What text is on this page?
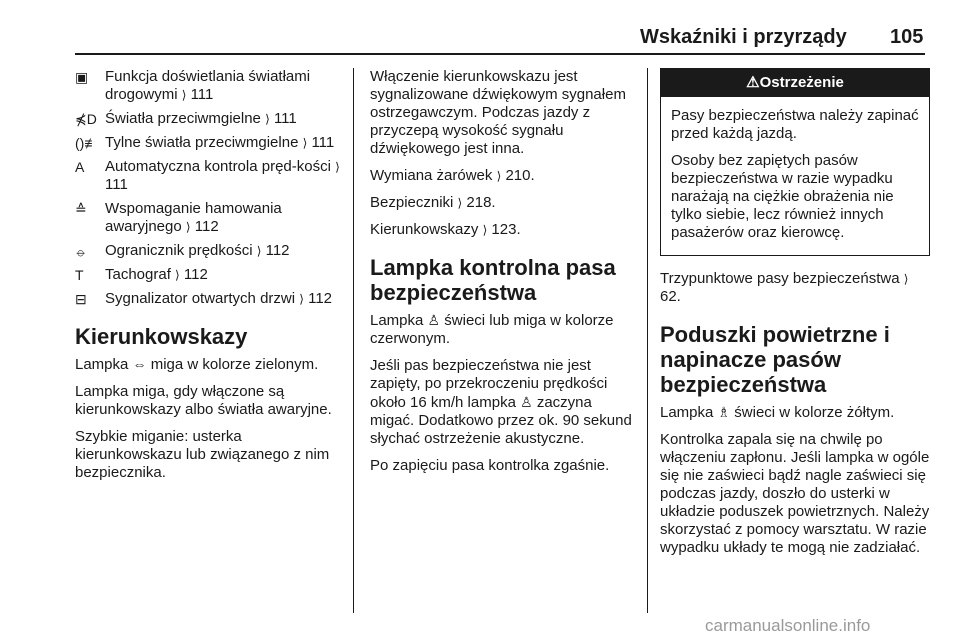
Wskaźniki i przyrządy 105
▣	Funkcja doświetlania światłami drogowymi ⟩ 111
⋠D Światła przeciwmgielne ⟩ 111
()≢ Tylne światła przeciwmgielne ⟩ 111
A	Automatyczna kontrola pręd-kości ⟩ 111
≙	Wspomaganie hamowania awaryjnego ⟩ 112
⦵	Ogranicznik prędkości ⟩ 112
T	Tachograf ⟩ 112
⊟	Sygnalizator otwartych drzwi ⟩ 112
Kierunkowskazy

Lampka ⇔ miga w kolorze zielonym.

Lampka miga, gdy włączone są kierunkowskazy albo światła awaryjne.

Szybkie miganie: usterka kierunkowskazu lub związanego z nim bezpiecznika.

Włączenie kierunkowskazu jest sygnalizowane dźwiękowym sygnałem ostrzegawczym. Podczas jazdy z przyczepą wysokość sygnału dźwiękowego jest inna.

Wymiana żarówek ⟩ 210.

Bezpieczniki ⟩ 218.

Kierunkowskazy ⟩ 123.

Lampka kontrolna pasa bezpieczeństwa

Lampka ♙ świeci lub miga w kolorze czerwonym.

Jeśli pas bezpieczeństwa nie jest zapięty, po przekroczeniu prędkości około 16 km/h lampka ♙ zaczyna migać. Dodatkowo przez ok. 90 sekund słychać ostrzeżenie akustyczne.

Po zapięciu pasa kontrolka zgaśnie.

⚠ Ostrzeżenie

Pasy bezpieczeństwa należy zapinać przed każdą jazdą.

Osoby bez zapiętych pasów bezpieczeństwa w razie wypadku narażają na ciężkie obrażenia nie tylko siebie, lecz również innych pasażerów oraz kierowcę.

Trzypunktowe pasy bezpieczeństwa ⟩ 62.

Poduszki powietrzne i napinacze pasów bezpieczeństwa

Lampka ♗ świeci w kolorze żółtym.

Kontrolka zapala się na chwilę po włączeniu zapłonu. Jeśli lampka w ogóle się nie zaświeci bądź nagle zaświeci się podczas jazdy, doszło do usterki w układzie poduszek powietrznych. Należy skorzystać z pomocy warsztatu. W razie wypadku układy te mogą nie zadziałać.

carmanualsonline.info
